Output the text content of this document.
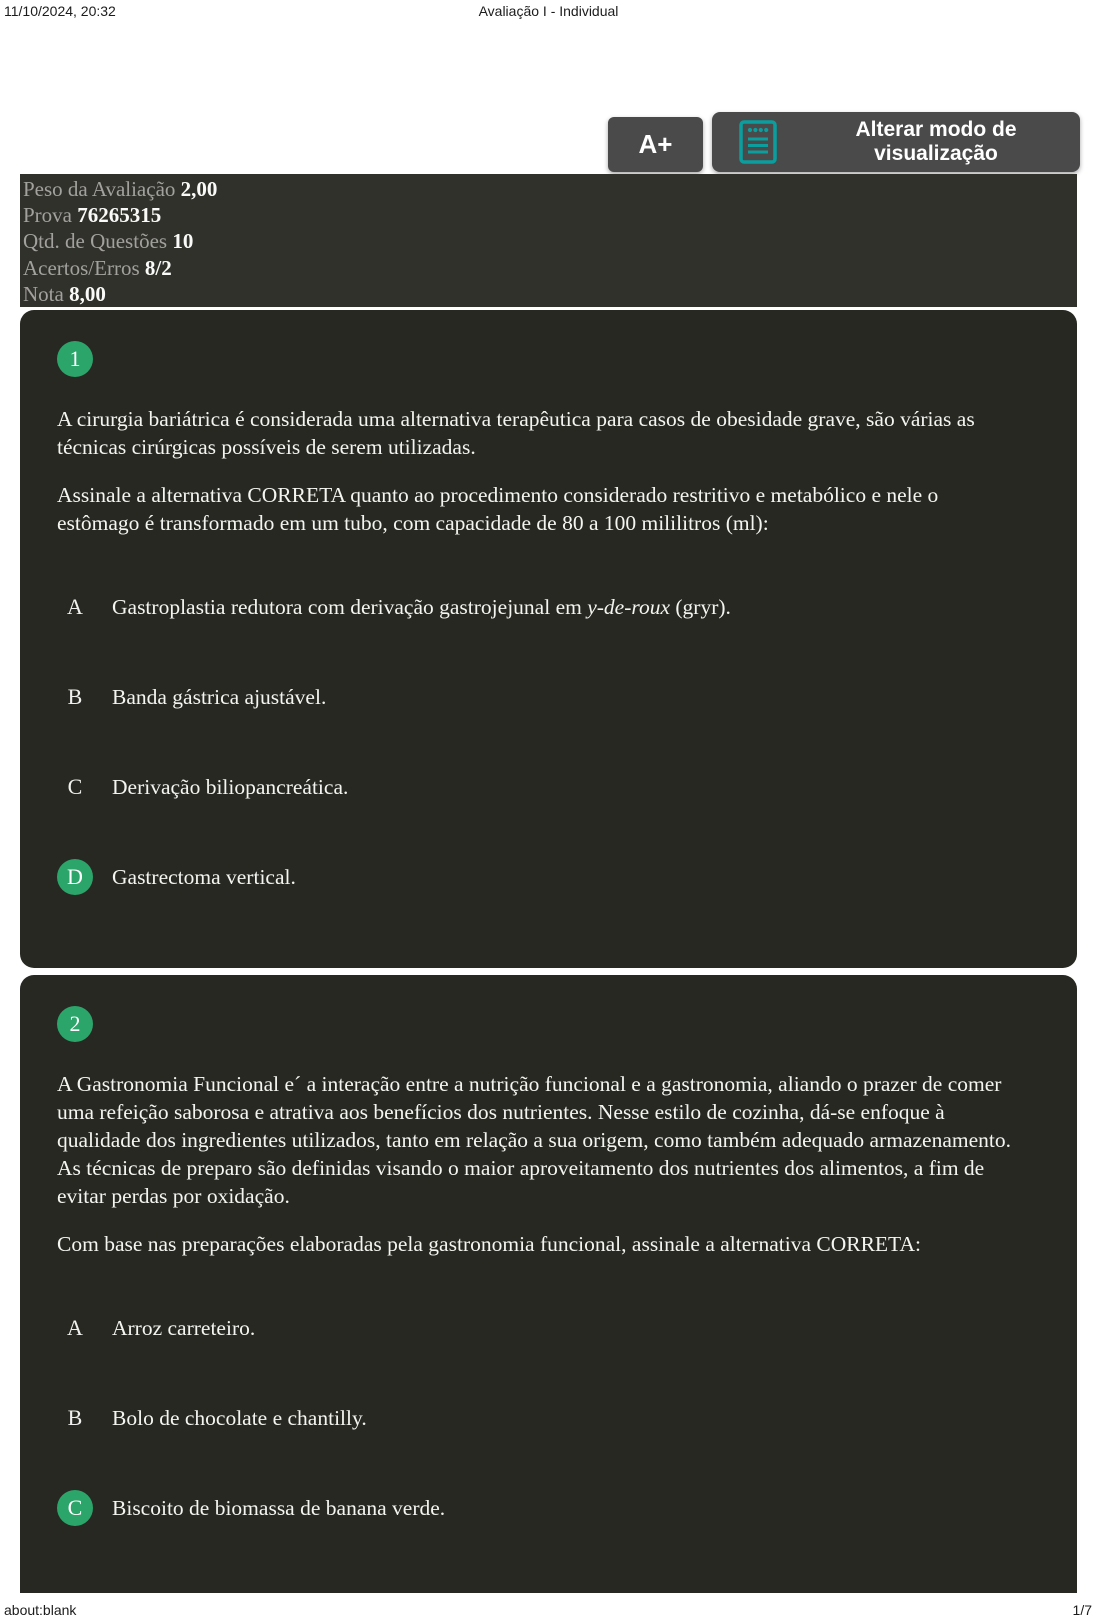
11/10/2024, 20:32	Avaliação I - Individual
A+	Alterar modo de visualização
Peso da Avaliação 2,00
Prova 76265315
Qtd. de Questões 10
Acertos/Erros 8/2
Nota 8,00
1

A cirurgia bariátrica é considerada uma alternativa terapêutica para casos de obesidade grave, são várias as técnicas cirúrgicas possíveis de serem utilizadas.

Assinale a alternativa CORRETA quanto ao procedimento considerado restritivo e metabólico e nele o estômago é transformado em um tubo, com capacidade de 80 a 100 mililitros (ml):

A	Gastroplastia redutora com derivação gastrojejunal em y-de-roux (gryr).
B	Banda gástrica ajustável.
C	Derivação biliopancreática.
D	Gastrectoma vertical.
2

A Gastronomia Funcional e´ a interação entre a nutrição funcional e a gastronomia, aliando o prazer de comer uma refeição saborosa e atrativa aos benefícios dos nutrientes. Nesse estilo de cozinha, dá-se enfoque à qualidade dos ingredientes utilizados, tanto em relação a sua origem, como também adequado armazenamento. As técnicas de preparo são definidas visando o maior aproveitamento dos nutrientes dos alimentos, a fim de evitar perdas por oxidação.

Com base nas preparações elaboradas pela gastronomia funcional, assinale a alternativa CORRETA:

A	Arroz carreteiro.
B	Bolo de chocolate e chantilly.
C	Biscoito de biomassa de banana verde.
about:blank	1/7
